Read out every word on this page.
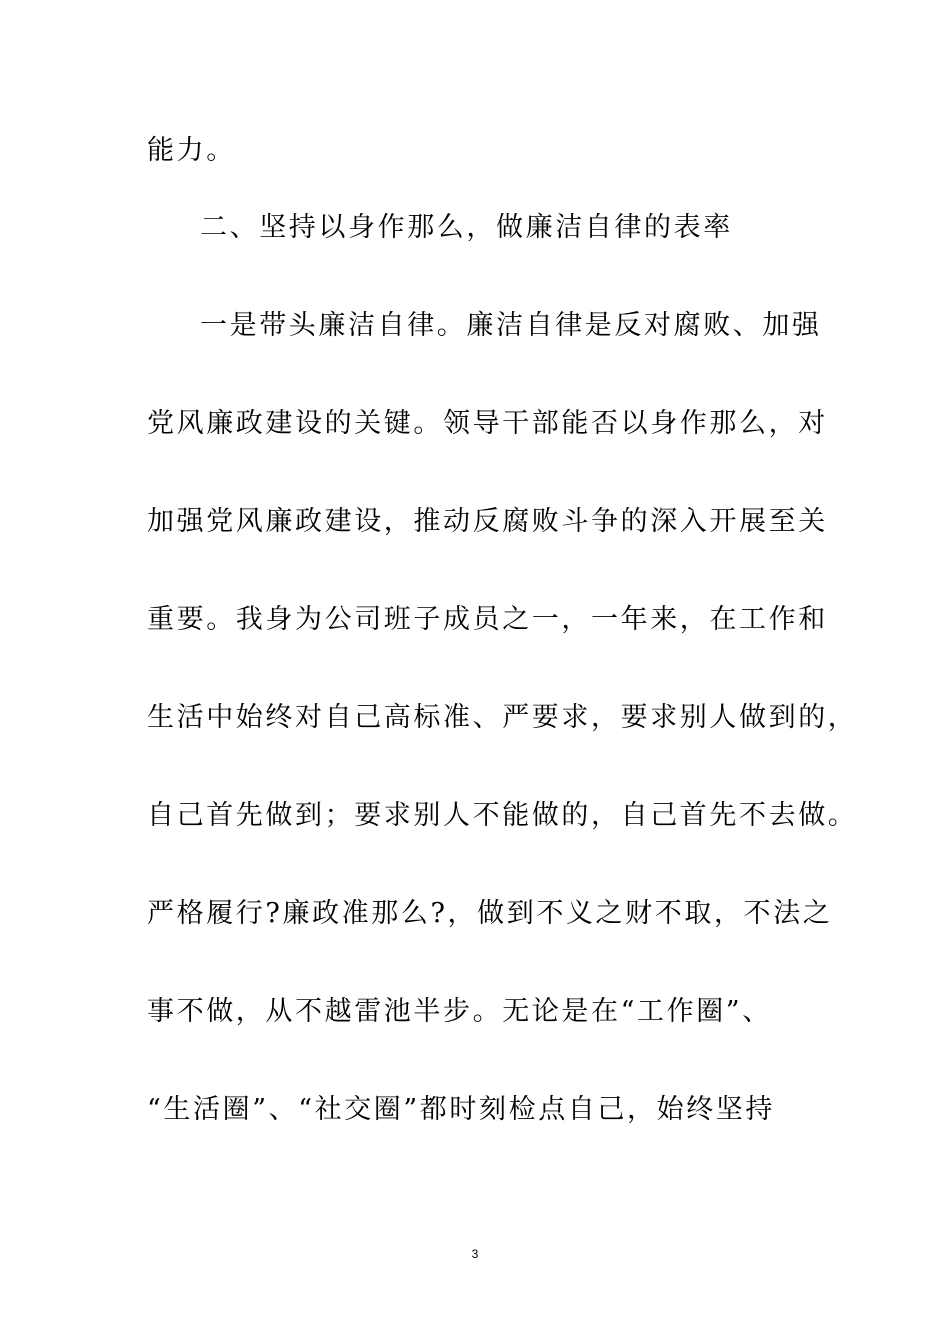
能力。
二、坚持以身作那么，做廉洁自律的表率
一是带头廉洁自律。廉洁自律是反对腐败、加强
党风廉政建设的关键。领导干部能否以身作那么，对
加强党风廉政建设，推动反腐败斗争的深入开展至关
重要。我身为公司班子成员之一，一年来，在工作和
生活中始终对自己高标准、严要求，要求别人做到的，
自己首先做到；要求别人不能做的，自己首先不去做。
严格履行?廉政准那么?，做到不义之财不取，不法之
事不做，从不越雷池半步。无论是在“工作圈”、
“生活圈”、“社交圈”都时刻检点自己，始终坚持
3
